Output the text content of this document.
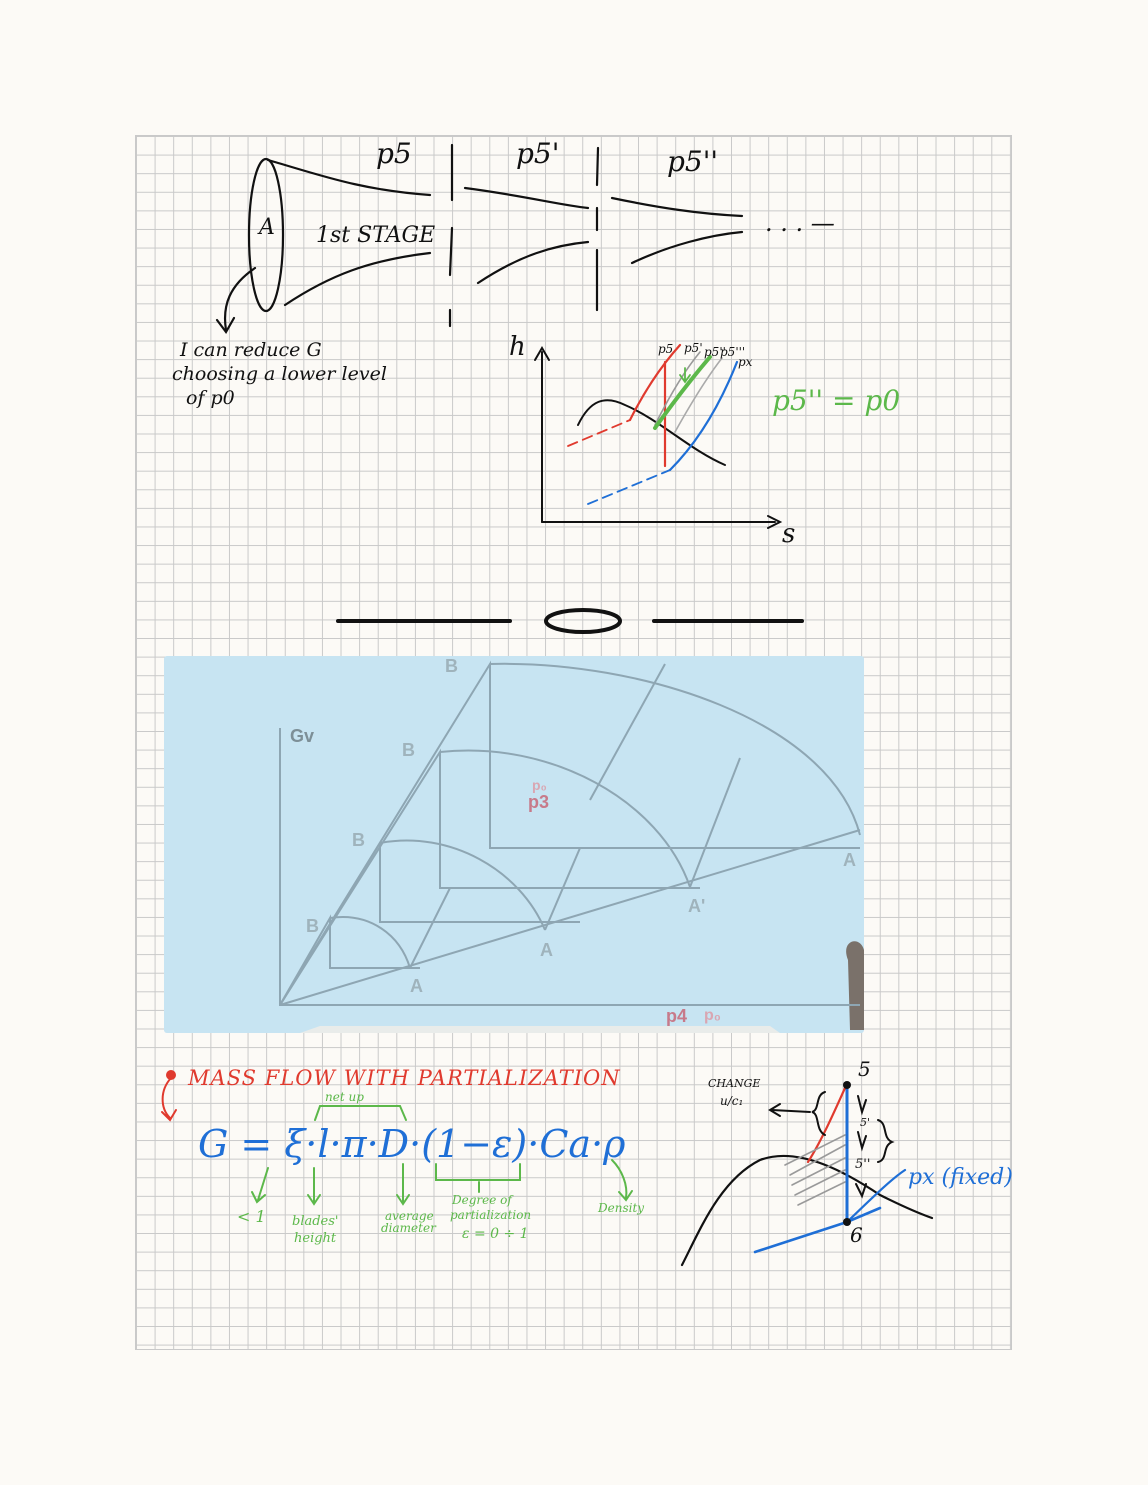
A 1st STAGE
p5	p5'	p5''
. . . —
I can reduce G
choosing a lower level
of p0
h
s
p5 p5' p5''
p5'''
px
p5'' = p0
Gv
B
B
B
B
A
A
A'
A
p3
p4
p₀
p₀
MASS FLOW WITH PARTIALIZATION
net up
G = ξ·l·π·D·(1−ε)·Ca·ρ
< 1 blades'
height
average
diameter
Degree of
partialization
ε = 0 ÷ 1
Density
CHANGE
u/c₁
5
6
5'
5''
px (fixed)
